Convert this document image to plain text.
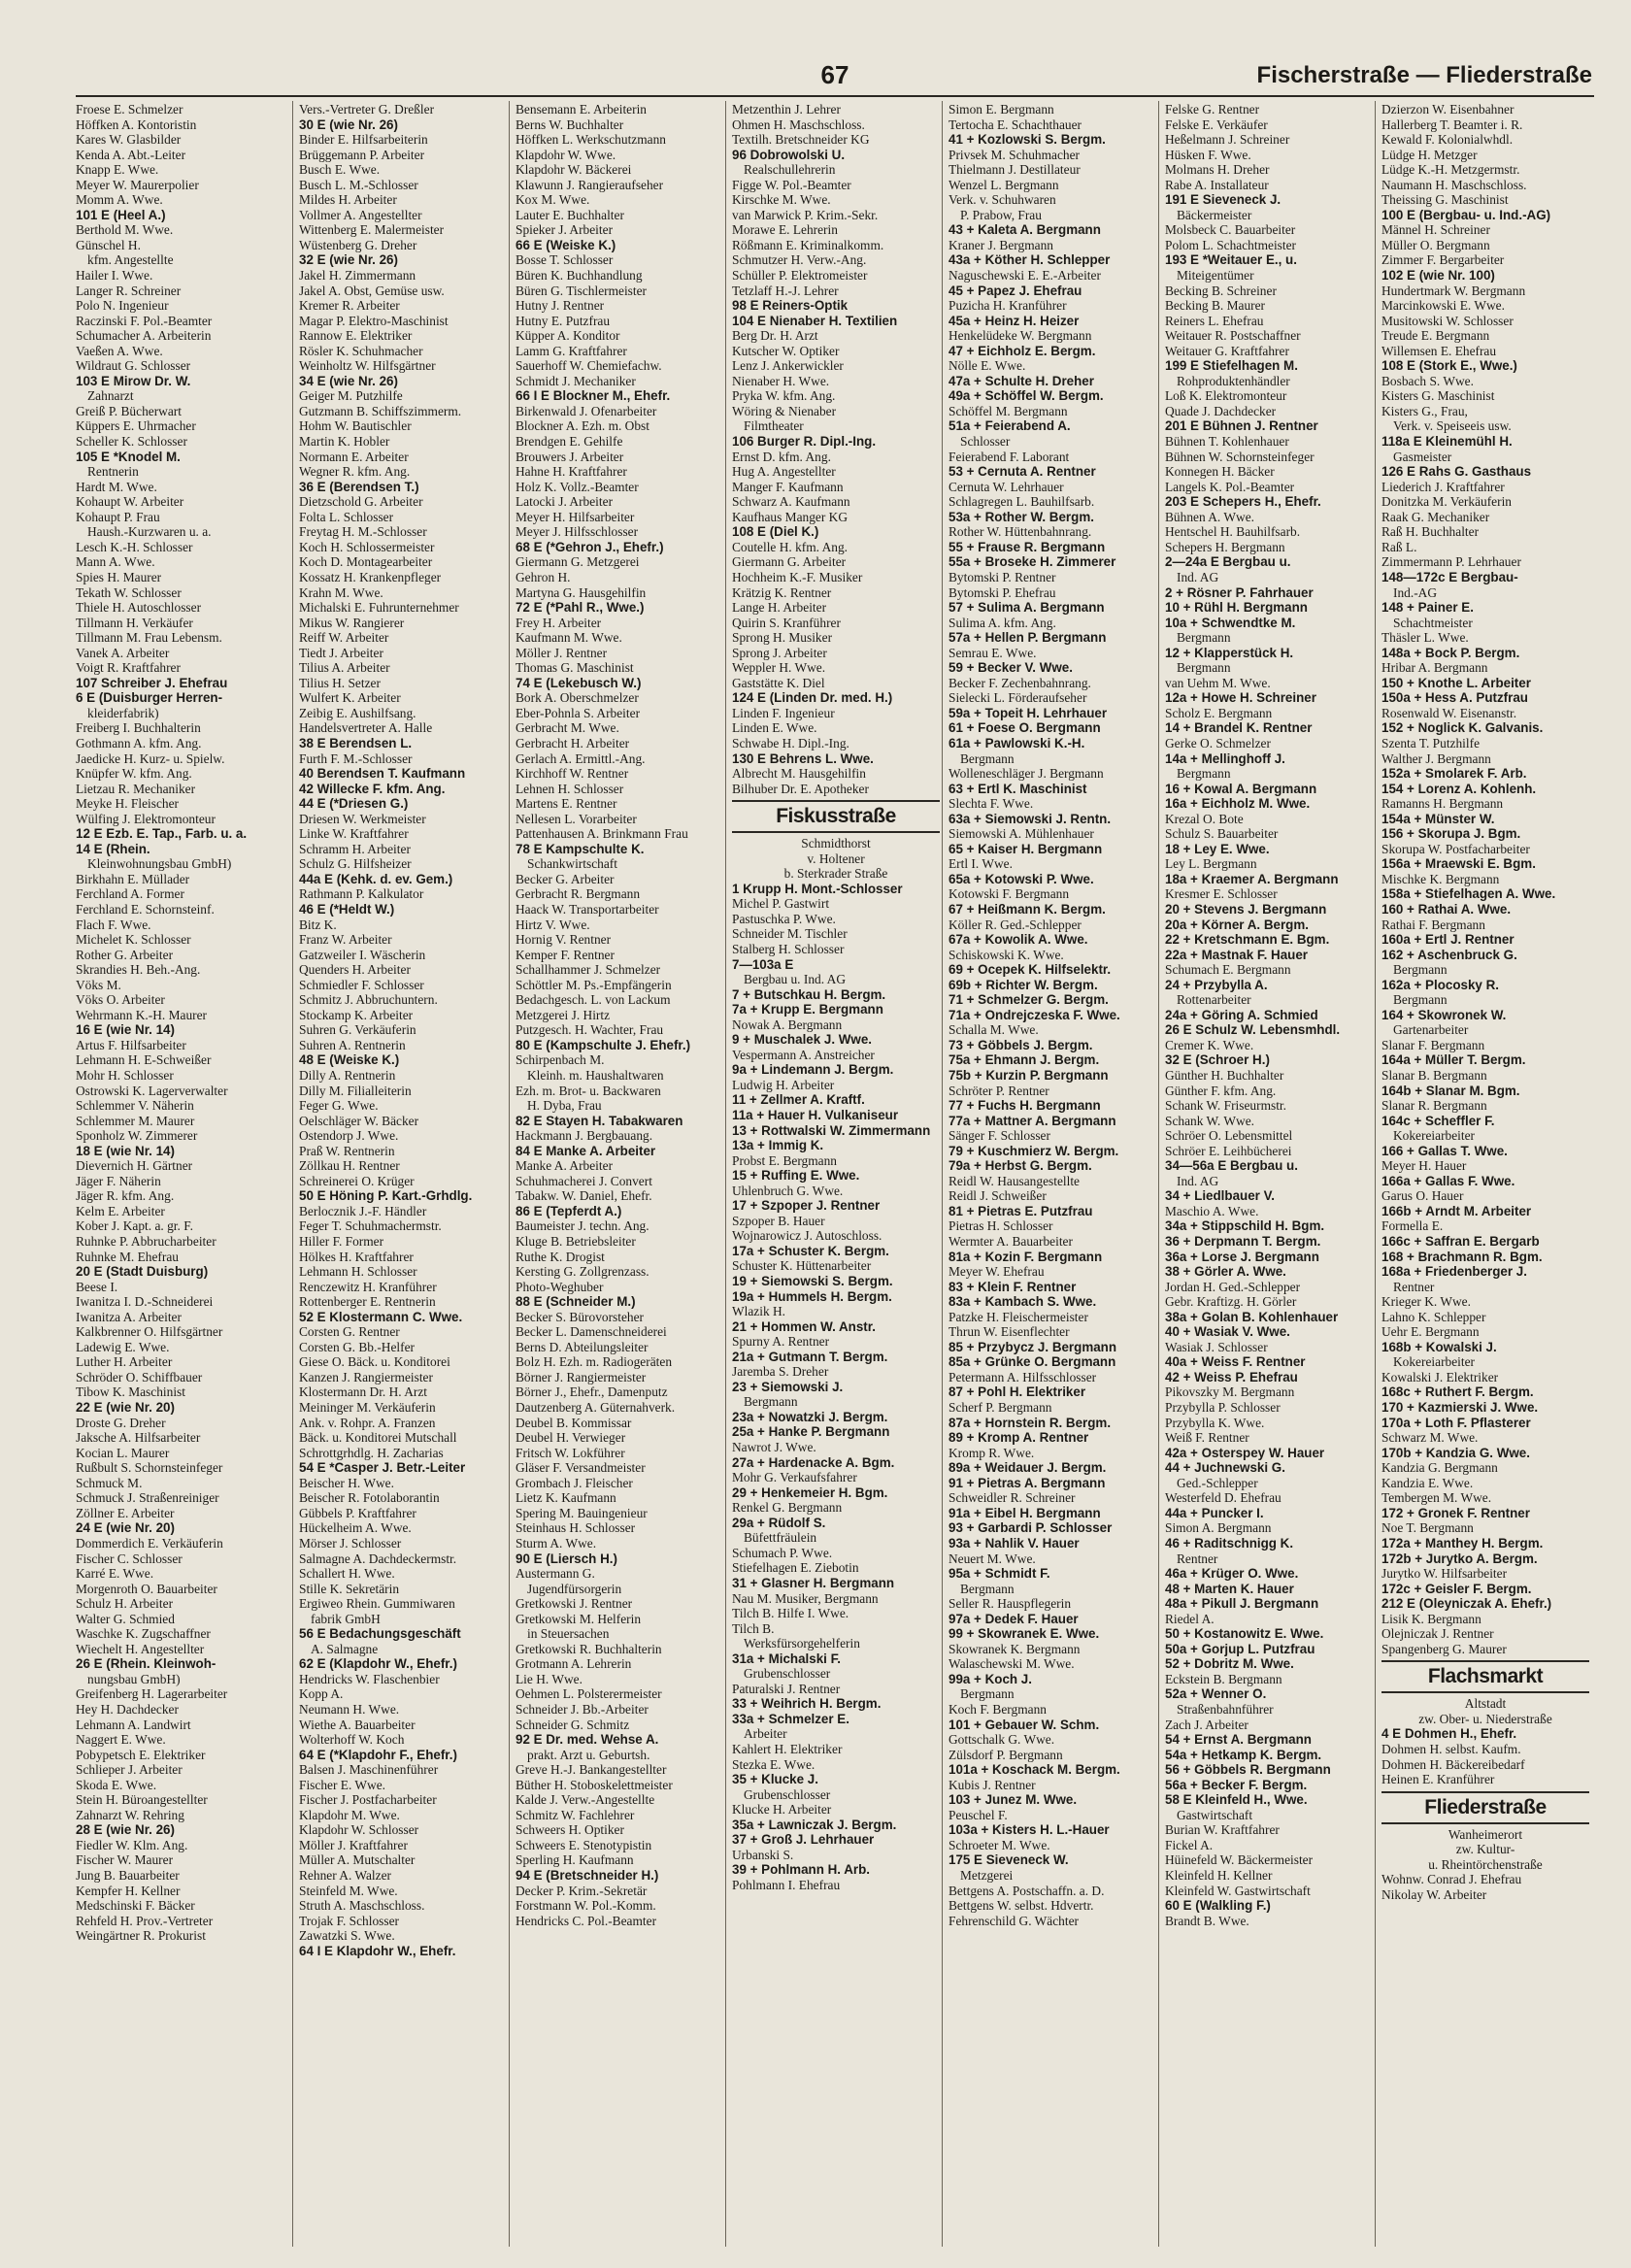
67	Fischerstraße — Fliederstraße
Froese E. Schmelzer
Höffken A. Kontoristin
Kares W. Glasbilder
Kenda A. Abt.-Leiter
Knapp E. Wwe.
Meyer W. Maurerpolier
Momm A. Wwe.
101 E (Heel A.)
Berthold M. Wwe.
Günschel H.
kfm. Angestellte
Hailer I. Wwe.
Langer R. Schreiner
Polo N. Ingenieur
Raczinski F. Pol.-Beamter
Schumacher A. Arbeiterin
Vaeßen A. Wwe.
Wildraut G. Schlosser
103 E Mirow Dr. W.
Zahnarzt
Greiß P. Bücherwart
Küppers E. Uhrmacher
Scheller K. Schlosser
105 E *Knodel M.
Rentnerin
Hardt M. Wwe.
Kohaupt W. Arbeiter
Kohaupt P. Frau
Haush.-Kurzwaren u. a.
Lesch K.-H. Schlosser
Mann A. Wwe.
Spies H. Maurer
Tekath W. Schlosser
Thiele H. Autoschlosser
Tillmann H. Verkäufer
Tillmann M. Frau Lebensm.
Vanek A. Arbeiter
Voigt R. Kraftfahrer
107 Schreiber J. Ehefrau
6 E (Duisburger Herren-
kleiderfabrik)
Freiberg I. Buchhalterin
Gothmann A. kfm. Ang.
Jaedicke H. Kurz- u. Spielw.
Knüpfer W. kfm. Ang.
Lietzau R. Mechaniker
Meyke H. Fleischer
Wülfing J. Elektromonteur
12 E Ezb. E. Tap., Farb. u. a.
14 E (Rhein.
Kleinwohnungsbau GmbH)
Birkhahn E. Müllader
Ferchland A. Former
Ferchland E. Schornsteinf.
Flach F. Wwe.
Michelet K. Schlosser
Rother G. Arbeiter
Skrandies H. Beh.-Ang.
Vöks M.
Vöks O. Arbeiter
Wehrmann K.-H. Maurer
16 E (wie Nr. 14)
Artus F. Hilfsarbeiter
Lehmann H. E-Schweißer
Mohr H. Schlosser
Ostrowski K. Lagerverwalter
Schlemmer V. Näherin
Schlemmer M. Maurer
Sponholz W. Zimmerer
18 E (wie Nr. 14)
Dievernich H. Gärtner
Jäger F. Näherin
Jäger R. kfm. Ang.
Kelm E. Arbeiter
Kober J. Kapt. a. gr. F.
Ruhnke P. Abbrucharbeiter
Ruhnke M. Ehefrau
20 E (Stadt Duisburg)
Beese I.
Iwanitza I. D.-Schneiderei
Iwanitza A. Arbeiter
Kalkbrenner O. Hilfsgärtner
Ladewig E. Wwe.
Luther H. Arbeiter
Schröder O. Schiffbauer
Tibow K. Maschinist
22 E (wie Nr. 20)
Droste G. Dreher
Jaksche A. Hilfsarbeiter
Kocian L. Maurer
Rußbult S. Schornsteinfeger
Schmuck M.
Schmuck J. Straßenreiniger
Zöllner E. Arbeiter
24 E (wie Nr. 20)
Dommerdich E. Verkäuferin
Fischer C. Schlosser
Karré E. Wwe.
Morgenroth O. Bauarbeiter
Schulz H. Arbeiter
Walter G. Schmied
Waschke K. Zugschaffner
Wiechelt H. Angestellter
26 E (Rhein. Kleinwoh-
nungsbau GmbH)
Greifenberg H. Lagerarbeiter
Hey H. Dachdecker
Lehmann A. Landwirt
Naggert E. Wwe.
Pobypetsch E. Elektriker
Schlieper J. Arbeiter
Skoda E. Wwe.
Stein H. Büroangestellter
Zahnarzt W. Rehring
28 E (wie Nr. 26)
Fiedler W. Klm. Ang.
Fischer W. Maurer
Jung B. Bauarbeiter
Kempfer H. Kellner
Medschinski F. Bäcker
Rehfeld H. Prov.-Vertreter
Weingärtner R. Prokurist
Vers.-Vertreter G. Dreßler
30 E (wie Nr. 26)
Binder E. Hilfsarbeiterin
Brüggemann P. Arbeiter
Busch E. Wwe.
Busch L. M.-Schlosser
Mildes H. Arbeiter
Vollmer A. Angestellter
Wittenberg E. Malermeister
Wüstenberg G. Dreher
32 E (wie Nr. 26)
Jakel H. Zimmermann
Jakel A. Obst, Gemüse usw.
Kremer R. Arbeiter
Magar P. Elektro-Maschinist
Rannow E. Elektriker
Rösler K. Schuhmacher
Weinholtz W. Hilfsgärtner
34 E (wie Nr. 26)
Geiger M. Putzhilfe
Gutzmann B. Schiffszimmerm.
Hohm W. Bautischler
Martin K. Hobler
Normann E. Arbeiter
Wegner R. kfm. Ang.
36 E (Berendsen T.)
Dietzschold G. Arbeiter
Folta L. Schlosser
Freytag H. M.-Schlosser
Koch H. Schlossermeister
Koch D. Montagearbeiter
Kossatz H. Krankenpfleger
Krahn M. Wwe.
Michalski E. Fuhrunternehmer
Mikus W. Rangierer
Reiff W. Arbeiter
Tiedt J. Arbeiter
Tilius A. Arbeiter
Tilius H. Setzer
Wulfert K. Arbeiter
Zeibig E. Aushilfsang.
Handelsvertreter A. Halle
38 E Berendsen L.
Furth F. M.-Schlosser
40 Berendsen T. Kaufmann
42 Willecke F. kfm. Ang.
44 E (*Driesen G.)
Driesen W. Werkmeister
Linke W. Kraftfahrer
Schramm H. Arbeiter
Schulz G. Hilfsheizer
44a E (Kehk. d. ev. Gem.)
Rathmann P. Kalkulator
46 E (*Heldt W.)
Bitz K.
Franz W. Arbeiter
Gatzweiler I. Wäscherin
Quenders H. Arbeiter
Schmiedler F. Schlosser
Schmitz J. Abbruchuntern.
Stockamp K. Arbeiter
Suhren G. Verkäuferin
Suhren A. Rentnerin
48 E (Weiske K.)
Dilly A. Rentnerin
Dilly M. Filialleiterin
Feger G. Wwe.
Oelschläger W. Bäcker
Ostendorp J. Wwe.
Praß W. Rentnerin
Zöllkau H. Rentner
Schreinerei O. Krüger
50 E Höning P. Kart.-Grhdlg.
Berlocznik J.-F. Händler
Feger T. Schuhmachermstr.
Hiller F. Former
Hölkes H. Kraftfahrer
Lehmann H. Schlosser
Renczewitz H. Kranführer
Rottenberger E. Rentnerin
52 E Klostermann C. Wwe.
Corsten G. Rentner
Corsten G. Bb.-Helfer
Giese O. Bäck. u. Konditorei
Kanzen J. Rangiermeister
Klostermann Dr. H. Arzt
Meininger M. Verkäuferin
Ank. v. Rohpr. A. Franzen
Bäck. u. Konditorei Mutschall
Schrottgrhdlg. H. Zacharias
54 E *Casper J. Betr.-Leiter
Beischer H. Wwe.
Beischer R. Fotolaborantin
Gübbels P. Kraftfahrer
Hückelheim A. Wwe.
Mörser J. Schlosser
Salmagne A. Dachdeckermstr.
Schallert H. Wwe.
Stille K. Sekretärin
Ergiweo Rhein. Gummiwaren
fabrik GmbH
56 E Bedachungsgeschäft
A. Salmagne
62 E (Klapdohr W., Ehefr.)
Hendricks W. Flaschenbier
Kopp A.
Neumann H. Wwe.
Wiethe A. Bauarbeiter
Wolterhoff W. Koch
64 E (*Klapdohr F., Ehefr.)
Balsen J. Maschinenführer
Fischer E. Wwe.
Fischer J. Postfacharbeiter
Klapdohr M. Wwe.
Klapdohr W. Schlosser
Möller J. Kraftfahrer
Müller A. Mutschalter
Rehner A. Walzer
Steinfeld M. Wwe.
Struth A. Maschschloss.
Trojak F. Schlosser
Zawatzki S. Wwe.
64 I E Klapdohr W., Ehefr.
Bensemann E. Arbeiterin
Berns W. Buchhalter
Höffken L. Werkschutzmann
Klapdohr W. Wwe.
Klapdohr W. Bäckerei
Klawunn J. Rangieraufseher
Kox M. Wwe.
Lauter E. Buchhalter
Spieker J. Arbeiter
66 E (Weiske K.)
Bosse T. Schlosser
Büren K. Buchhandlung
Büren G. Tischlermeister
Hutny J. Rentner
Hutny E. Putzfrau
Küpper A. Konditor
Lamm G. Kraftfahrer
Sauerhoff W. Chemiefachw.
Schmidt J. Mechaniker
66 I E Blockner M., Ehefr.
Birkenwald J. Ofenarbeiter
Blockner A. Ezh. m. Obst
Brendgen E. Gehilfe
Brouwers J. Arbeiter
Hahne H. Kraftfahrer
Holz K. Vollz.-Beamter
Latocki J. Arbeiter
Meyer H. Hilfsarbeiter
Meyer J. Hilfsschlosser
68 E (*Gehron J., Ehefr.)
Giermann G. Metzgerei
Gehron H.
Martyna G. Hausgehilfin
72 E (*Pahl R., Wwe.)
Frey H. Arbeiter
Kaufmann M. Wwe.
Möller J. Rentner
Thomas G. Maschinist
74 E (Lekebusch W.)
Bork A. Oberschmelzer
Eber-Pohnla S. Arbeiter
Gerbracht M. Wwe.
Gerbracht H. Arbeiter
Gerlach A. Ermittl.-Ang.
Kirchhoff W. Rentner
Lehnen H. Schlosser
Martens E. Rentner
Nellesen L. Vorarbeiter
Pattenhausen A. Brinkmann Frau
78 E Kampschulte K.
Schankwirtschaft
Becker G. Arbeiter
Gerbracht R. Bergmann
Haack W. Transportarbeiter
Hirtz V. Wwe.
Hornig V. Rentner
Kemper F. Rentner
Schallhammer J. Schmelzer
Schöttler M. Ps.-Empfängerin
Bedachgesch. L. von Lackum
Metzgerei J. Hirtz
Putzgesch. H. Wachter, Frau
80 E (Kampschulte J. Ehefr.)
Schirpenbach M.
Kleinh. m. Haushaltwaren
Ezh. m. Brot- u. Backwaren
H. Dyba, Frau
82 E Stayen H. Tabakwaren
Hackmann J. Bergbauang.
84 E Manke A. Arbeiter
Manke A. Arbeiter
Schuhmacherei J. Convert
Tabakw. W. Daniel, Ehefr.
86 E (Tepferdt A.)
Baumeister J. techn. Ang.
Kluge B. Betriebsleiter
Ruthe K. Drogist
Kersting G. Zollgrenzass.
Photo-Weghuber
88 E (Schneider M.)
Becker S. Bürovorsteher
Becker L. Damenschneiderei
Berns D. Abteilungsleiter
Bolz H. Ezh. m. Radiogeräten
Börner J. Rangiermeister
Börner J., Ehefr., Damenputz
Dautzenberg A. Güternahverk.
Deubel B. Kommissar
Deubel H. Verwieger
Fritsch W. Lokführer
Gläser F. Versandmeister
Grombach J. Fleischer
Lietz K. Kaufmann
Spering M. Bauingenieur
Steinhaus H. Schlosser
Sturm A. Wwe.
90 E (Liersch H.)
Austermann G.
Jugendfürsorgerin
Gretkowski J. Rentner
Gretkowski M. Helferin
in Steuersachen
Gretkowski R. Buchhalterin
Grotmann A. Lehrerin
Lie H. Wwe.
Oehmen L. Polsterermeister
Schneider J. Bb.-Arbeiter
Schneider G. Schmitz
92 E Dr. med. Wehse A.
prakt. Arzt u. Geburtsh.
Greve H.-J. Bankangestellter
Büther H. Stoboskelettmeister
Kalde J. Verw.-Angestellte
Schmitz W. Fachlehrer
Schweers H. Optiker
Schweers E. Stenotypistin
Sperling H. Kaufmann
94 E (Bretschneider H.)
Decker P. Krim.-Sekretär
Forstmann W. Pol.-Komm.
Hendricks C. Pol.-Beamter
Metzenthin J. Lehrer
Ohmen H. Maschschloss.
Textilh. Bretschneider KG
96 Dobrowolski U.
Realschullehrerin
Figge W. Pol.-Beamter
Kirschke M. Wwe.
van Marwick P. Krim.-Sekr.
Morawe E. Lehrerin
Rößmann E. Kriminalkomm.
Schmutzer H. Verw.-Ang.
Schüller P. Elektromeister
Tetzlaff H.-J. Lehrer
98 E Reiners-Optik
104 E Nienaber H. Textilien
Berg Dr. H. Arzt
Kutscher W. Optiker
Lenz J. Ankerwickler
Nienaber H. Wwe.
Pryka W. kfm. Ang.
Wöring & Nienaber
Filmtheater
106 Burger R. Dipl.-Ing.
Ernst D. kfm. Ang.
Hug A. Angestellter
Manger F. Kaufmann
Schwarz A. Kaufmann
Kaufhaus Manger KG
108 E (Diel K.)
Coutelle H. kfm. Ang.
Giermann G. Arbeiter
Hochheim K.-F. Musiker
Krätzig K. Rentner
Lange H. Arbeiter
Quirin S. Kranführer
Sprong H. Musiker
Sprong J. Arbeiter
Weppler H. Wwe.
Gaststätte K. Diel
124 E (Linden Dr. med. H.)
Linden F. Ingenieur
Linden E. Wwe.
Schwabe H. Dipl.-Ing.
130 E Behrens L. Wwe.
Albrecht M. Hausgehilfin
Bilhuber Dr. E. Apotheker
Fiskusstraße
Schmidthorst
v. Holtener
b. Sterkrader Straße
1 Krupp H. Mont.-Schlosser
Michel P. Gastwirt
Pastuschka P. Wwe.
Schneider M. Tischler
Stalberg H. Schlosser
7—103a E
Bergbau u. Ind. AG
7 + Butschkau H. Bergm.
7a + Krupp E. Bergmann
Nowak A. Bergmann
9 + Muschalek J. Wwe.
Vespermann A. Anstreicher
9a + Lindemann J. Bergm.
Ludwig H. Arbeiter
11 + Zellmer A. Kraftf.
11a + Hauer H. Vulkaniseur
13 + Rottwalski W. Zimmermann
13a + Immig K.
Probst E. Bergmann
15 + Ruffing E. Wwe.
Uhlenbruch G. Wwe.
17 + Szpoper J. Rentner
Szpoper B. Hauer
Wojnarowicz J. Autoschloss.
17a + Schuster K. Bergm.
Schuster K. Hüttenarbeiter
19 + Siemowski S. Bergm.
19a + Hummels H. Bergm.
Wlazik H.
21 + Hommen W. Anstr.
Spurny A. Rentner
21a + Gutmann T. Bergm.
Jaremba S. Dreher
23 + Siemowski J.
Bergmann
23a + Nowatzki J. Bergm.
25a + Hanke P. Bergmann
Nawrot J. Wwe.
27a + Hardenacke A. Bgm.
Mohr G. Verkaufsfahrer
29 + Henkemeier H. Bgm.
Renkel G. Bergmann
29a + Rüdolf S.
Büfettfräulein
Schumach P. Wwe.
Stiefelhagen E. Ziebotin
31 + Glasner H. Bergmann
Nau M. Musiker, Bergmann
Tilch B. Hilfe I. Wwe.
Tilch B.
Werksfürsorgehelferin
31a + Michalski F.
Grubenschlosser
Paturalski J. Rentner
33 + Weihrich H. Bergm.
33a + Schmelzer E.
Arbeiter
Kahlert H. Elektriker
Stezka E. Wwe.
35 + Klucke J.
Grubenschlosser
Klucke H. Arbeiter
35a + Lawniczak J. Bergm.
37 + Groß J. Lehrhauer
Urbanski S.
39 + Pohlmann H. Arb.
Pohlmann I. Ehefrau
Simon E. Bergmann
Tertocha E. Schachthauer
41 + Kozlowski S. Bergm.
Privsek M. Schuhmacher
Thielmann J. Destillateur
Wenzel L. Bergmann
Verk. v. Schuhwaren
P. Prabow, Frau
43 + Kaleta A. Bergmann
Kraner J. Bergmann
43a + Köther H. Schlepper
Naguschewski E. E.-Arbeiter
45 + Papez J. Ehefrau
Puzicha H. Kranführer
45a + Heinz H. Heizer
Henkelüdeke W. Bergmann
47 + Eichholz E. Bergm.
Nölle E. Wwe.
47a + Schulte H. Dreher
49a + Schöffel W. Bergm.
Schöffel M. Bergmann
51a + Feierabend A.
Schlosser
Feierabend F. Laborant
53 + Cernuta A. Rentner
Cernuta W. Lehrhauer
Schlagregen L. Bauhilfsarb.
53a + Rother W. Bergm.
Rother W. Hüttenbahnrang.
55 + Frause R. Bergmann
55a + Broseke H. Zimmerer
Bytomski P. Rentner
Bytomski P. Ehefrau
57 + Sulima A. Bergmann
Sulima A. kfm. Ang.
57a + Hellen P. Bergmann
Semrau E. Wwe.
59 + Becker V. Wwe.
Becker F. Zechenbahnrang.
Sielecki L. Förderaufseher
59a + Topeit H. Lehrhauer
61 + Foese O. Bergmann
61a + Pawlowski K.-H.
Bergmann
Wolleneschläger J. Bergmann
63 + Ertl K. Maschinist
Slechta F. Wwe.
63a + Siemowski J. Rentn.
Siemowski A. Mühlenhauer
65 + Kaiser H. Bergmann
Ertl I. Wwe.
65a + Kotowski P. Wwe.
Kotowski F. Bergmann
67 + Heißmann K. Bergm.
Köller R. Ged.-Schlepper
67a + Kowolik A. Wwe.
Schiskowski K. Wwe.
69 + Ocepek K. Hilfselektr.
69b + Richter W. Bergm.
71 + Schmelzer G. Bergm.
71a + Ondrejczeska F. Wwe.
Schalla M. Wwe.
73 + Göbbels J. Bergm.
75a + Ehmann J. Bergm.
75b + Kurzin P. Bergmann
Schröter P. Rentner
77 + Fuchs H. Bergmann
77a + Mattner A. Bergmann
Sänger F. Schlosser
79 + Kuschmierz W. Bergm.
79a + Herbst G. Bergm.
Reidl W. Hausangestellte
Reidl J. Schweißer
81 + Pietras E. Putzfrau
Pietras H. Schlosser
Wermter A. Bauarbeiter
81a + Kozin F. Bergmann
Meyer W. Ehefrau
83 + Klein F. Rentner
83a + Kambach S. Wwe.
Patzke H. Fleischermeister
Thrun W. Eisenflechter
85 + Przybycz J. Bergmann
85a + Grünke O. Bergmann
Petermann A. Hilfsschlosser
87 + Pohl H. Elektriker
Scherf P. Bergmann
87a + Hornstein R. Bergm.
89 + Kromp A. Rentner
Kromp R. Wwe.
89a + Weidauer J. Bergm.
91 + Pietras A. Bergmann
Schweidler R. Schreiner
91a + Eibel H. Bergmann
93 + Garbardi P. Schlosser
93a + Nahlik V. Hauer
Neuert M. Wwe.
95a + Schmidt F.
Bergmann
Seller R. Hauspflegerin
97a + Dedek F. Hauer
99 + Skowranek E. Wwe.
Skowranek K. Bergmann
Walaschewski M. Wwe.
99a + Koch J.
Bergmann
Koch F. Bergmann
101 + Gebauer W. Schm.
Gottschalk G. Wwe.
Zülsdorf P. Bergmann
101a + Koschack M. Bergm.
Kubis J. Rentner
103 + Junez M. Wwe.
Peuschel F.
103a + Kisters H. L.-Hauer
Schroeter M. Wwe.
175 E Sieveneck W.
Metzgerei
Bettgens A. Postschaffn. a. D.
Bettgens W. selbst. Hdvertr.
Fehrenschild G. Wächter
Felske G. Rentner
Felske E. Verkäufer
Heßelmann J. Schreiner
Hüsken F. Wwe.
Molmans H. Dreher
Rabe A. Installateur
191 E Sieveneck J.
Bäckermeister
Molsbeck C. Bauarbeiter
Polom L. Schachtmeister
193 E *Weitauer E., u.
Miteigentümer
Becking B. Schreiner
Becking B. Maurer
Reiners L. Ehefrau
Weitauer R. Postschaffner
Weitauer G. Kraftfahrer
199 E Stiefelhagen M.
Rohproduktenhändler
Loß K. Elektromonteur
Quade J. Dachdecker
201 E Bühnen J. Rentner
Bühnen T. Kohlenhauer
Bühnen W. Schornsteinfeger
Konnegen H. Bäcker
Langels K. Pol.-Beamter
203 E Schepers H., Ehefr.
Bühnen A. Wwe.
Hentschel H. Bauhilfsarb.
Schepers H. Bergmann
2—24a E Bergbau u.
Ind. AG
2 + Rösner P. Fahrhauer
10 + Rühl H. Bergmann
10a + Schwendtke M.
Bergmann
12 + Klapperstück H.
Bergmann
van Uehm M. Wwe.
12a + Howe H. Schreiner
Scholz E. Bergmann
14 + Brandel K. Rentner
Gerke O. Schmelzer
14a + Mellinghoff J.
Bergmann
16 + Kowal A. Bergmann
16a + Eichholz M. Wwe.
Krezal O. Bote
Schulz S. Bauarbeiter
18 + Ley E. Wwe.
Ley L. Bergmann
18a + Kraemer A. Bergmann
Kresmer E. Schlosser
20 + Stevens J. Bergmann
20a + Körner A. Bergm.
22 + Kretschmann E. Bgm.
22a + Mastnak F. Hauer
Schumach E. Bergmann
24 + Przybylla A.
Rottenarbeiter
24a + Göring A. Schmied
26 E Schulz W. Lebensmhdl.
Cremer K. Wwe.
32 E (Schroer H.)
Günther H. Buchhalter
Günther F. kfm. Ang.
Schank W. Friseurmstr.
Schank W. Wwe.
Schröer O. Lebensmittel
Schröer E. Leihbücherei
34—56a E Bergbau u.
Ind. AG
34 + Liedlbauer V.
Maschio A. Wwe.
34a + Stippschild H. Bgm.
36 + Derpmann T. Bergm.
36a + Lorse J. Bergmann
38 + Görler A. Wwe.
Jordan H. Ged.-Schlepper
Gebr. Kraftizg. H. Görler
38a + Golan B. Kohlenhauer
40 + Wasiak V. Wwe.
Wasiak J. Schlosser
40a + Weiss F. Rentner
42 + Weiss P. Ehefrau
Pikovszky M. Bergmann
Przybylla P. Schlosser
Przybylla K. Wwe.
Weiß F. Rentner
42a + Osterspey W. Hauer
44 + Juchnewski G.
Ged.-Schlepper
Westerfeld D. Ehefrau
44a + Puncker I.
Simon A. Bergmann
46 + Raditschnigg K.
Rentner
46a + Krüger O. Wwe.
48 + Marten K. Hauer
48a + Pikull J. Bergmann
Riedel A.
50 + Kostanowitz E. Wwe.
50a + Gorjup L. Putzfrau
52 + Dobritz M. Wwe.
Eckstein B. Bergmann
52a + Wenner O.
Straßenbahnführer
Zach J. Arbeiter
54 + Ernst A. Bergmann
54a + Hetkamp K. Bergm.
56 + Göbbels R. Bergmann
56a + Becker F. Bergm.
58 E Kleinfeld H., Wwe.
Gastwirtschaft
Burian W. Kraftfahrer
Fickel A.
Hüinefeld W. Bäckermeister
Kleinfeld H. Kellner
Kleinfeld W. Gastwirtschaft
60 E (Walkling F.)
Brandt B. Wwe.
Dzierzon W. Eisenbahner
Hallerberg T. Beamter i. R.
Kewald F. Kolonialwhdl.
Lüdge H. Metzger
Lüdge K.-H. Metzgermstr.
Naumann H. Maschschloss.
Theissing G. Maschinist
100 E (Bergbau- u. Ind.-AG)
Männel H. Schreiner
Müller O. Bergmann
Zimmer F. Bergarbeiter
102 E (wie Nr. 100)
Hundertmark W. Bergmann
Marcinkowski E. Wwe.
Musitowski W. Schlosser
Treude E. Bergmann
Willemsen E. Ehefrau
108 E (Stork E., Wwe.)
Bosbach S. Wwe.
Kisters G. Maschinist
Kisters G., Frau,
Verk. v. Speiseeis usw.
118a E Kleinemühl H.
Gasmeister
126 E Rahs G. Gasthaus
Liederich J. Kraftfahrer
Donitzka M. Verkäuferin
Raak G. Mechaniker
Raß H. Buchhalter
Raß L.
Zimmermann P. Lehrhauer
148—172c E Bergbau-
Ind.-AG
148 + Painer E.
Schachtmeister
Thäsler L. Wwe.
148a + Bock P. Bergm.
Hribar A. Bergmann
150 + Knothe L. Arbeiter
150a + Hess A. Putzfrau
Rosenwald W. Eisenanstr.
152 + Noglick K. Galvanis.
Szenta T. Putzhilfe
Walther J. Bergmann
152a + Smolarek F. Arb.
154 + Lorenz A. Kohlenh.
Ramanns H. Bergmann
154a + Münster W.
156 + Skorupa J. Bgm.
Skorupa W. Postfacharbeiter
156a + Mraewski E. Bgm.
Mischke K. Bergmann
158a + Stiefelhagen A. Wwe.
160 + Rathai A. Wwe.
Rathai F. Bergmann
160a + Ertl J. Rentner
162 + Aschenbruck G.
Bergmann
162a + Plocosky R.
Bergmann
164 + Skowronek W.
Gartenarbeiter
Slanar F. Bergmann
164a + Müller T. Bergm.
Slanar B. Bergmann
164b + Slanar M. Bgm.
Slanar R. Bergmann
164c + Scheffler F.
Kokereiarbeiter
166 + Gallas T. Wwe.
Meyer H. Hauer
166a + Gallas F. Wwe.
Garus O. Hauer
166b + Arndt M. Arbeiter
Formella E.
166c + Saffran E. Bergarb
168 + Brachmann R. Bgm.
168a + Friedenberger J.
Rentner
Krieger K. Wwe.
Lahno K. Schlepper
Uehr E. Bergmann
168b + Kowalski J.
Kokereiarbeiter
Kowalski J. Elektriker
168c + Ruthert F. Bergm.
170 + Kazmierski J. Wwe.
170a + Loth F. Pflasterer
Schwarz M. Wwe.
170b + Kandzia G. Wwe.
Kandzia G. Bergmann
Kandzia E. Wwe.
Tembergen M. Wwe.
172 + Gronek F. Rentner
Noe T. Bergmann
172a + Manthey H. Bergm.
172b + Jurytko A. Bergm.
Jurytko W. Hilfsarbeiter
172c + Geisler F. Bergm.
212 E (Oleyniczak A. Ehefr.)
Lisik K. Bergmann
Olejniczak J. Rentner
Spangenberg G. Maurer
Flachsmarkt
Altstadt
zw. Ober- u. Niederstraße
4 E Dohmen H., Ehefr.
Dohmen H. selbst. Kaufm.
Dohmen H. Bäckereibedarf
Heinen E. Kranführer
Fliederstraße
Wanheimerort
zw. Kultur-
u. Rheintörchenstraße
Wohnw. Conrad J. Ehefrau
Nikolay W. Arbeiter
